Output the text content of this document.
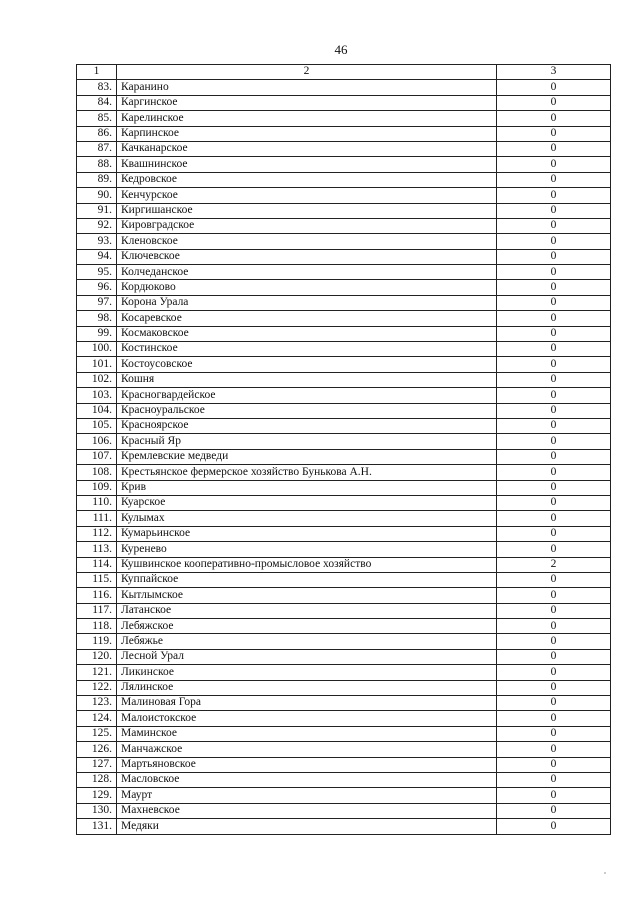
46
1	2	3
83.	Каранино	0
84.	Каргинское	0
85.	Карелинское	0
86.	Карпинское	0
87.	Качканарское	0
88.	Квашнинское	0
89.	Кедровское	0
90.	Кенчурское	0
91.	Киргишанское	0
92.	Кировградское	0
93.	Кленовское	0
94.	Ключевское	0
95.	Колчеданское	0
96.	Кордюково	0
97.	Корона Урала	0
98.	Косаревское	0
99.	Космаковское	0
100.	Костинское	0
101.	Костоусовское	0
102.	Кошня	0
103.	Красногвардейское	0
104.	Красноуральское	0
105.	Красноярское	0
106.	Красный Яр	0
107.	Кремлевские медведи	0
108.	Крестьянское фермерское хозяйство Бунькова А.Н.	0
109.	Крив	0
110.	Куарское	0
111.	Кулымах	0
112.	Кумарьинское	0
113.	Куренево	0
114.	Кушвинское кооперативно-промысловое хозяйство	2
115.	Куппайское	0
116.	Кытлымское	0
117.	Латанское	0
118.	Лебяжское	0
119.	Лебяжье	0
120.	Лесной Урал	0
121.	Ликинское	0
122.	Лялинское	0
123.	Малиновая Гора	0
124.	Малоистокское	0
125.	Маминское	0
126.	Манчажское	0
127.	Мартьяновское	0
128.	Масловское	0
129.	Маурт	0
130.	Махневское	0
131.	Медяки	0
